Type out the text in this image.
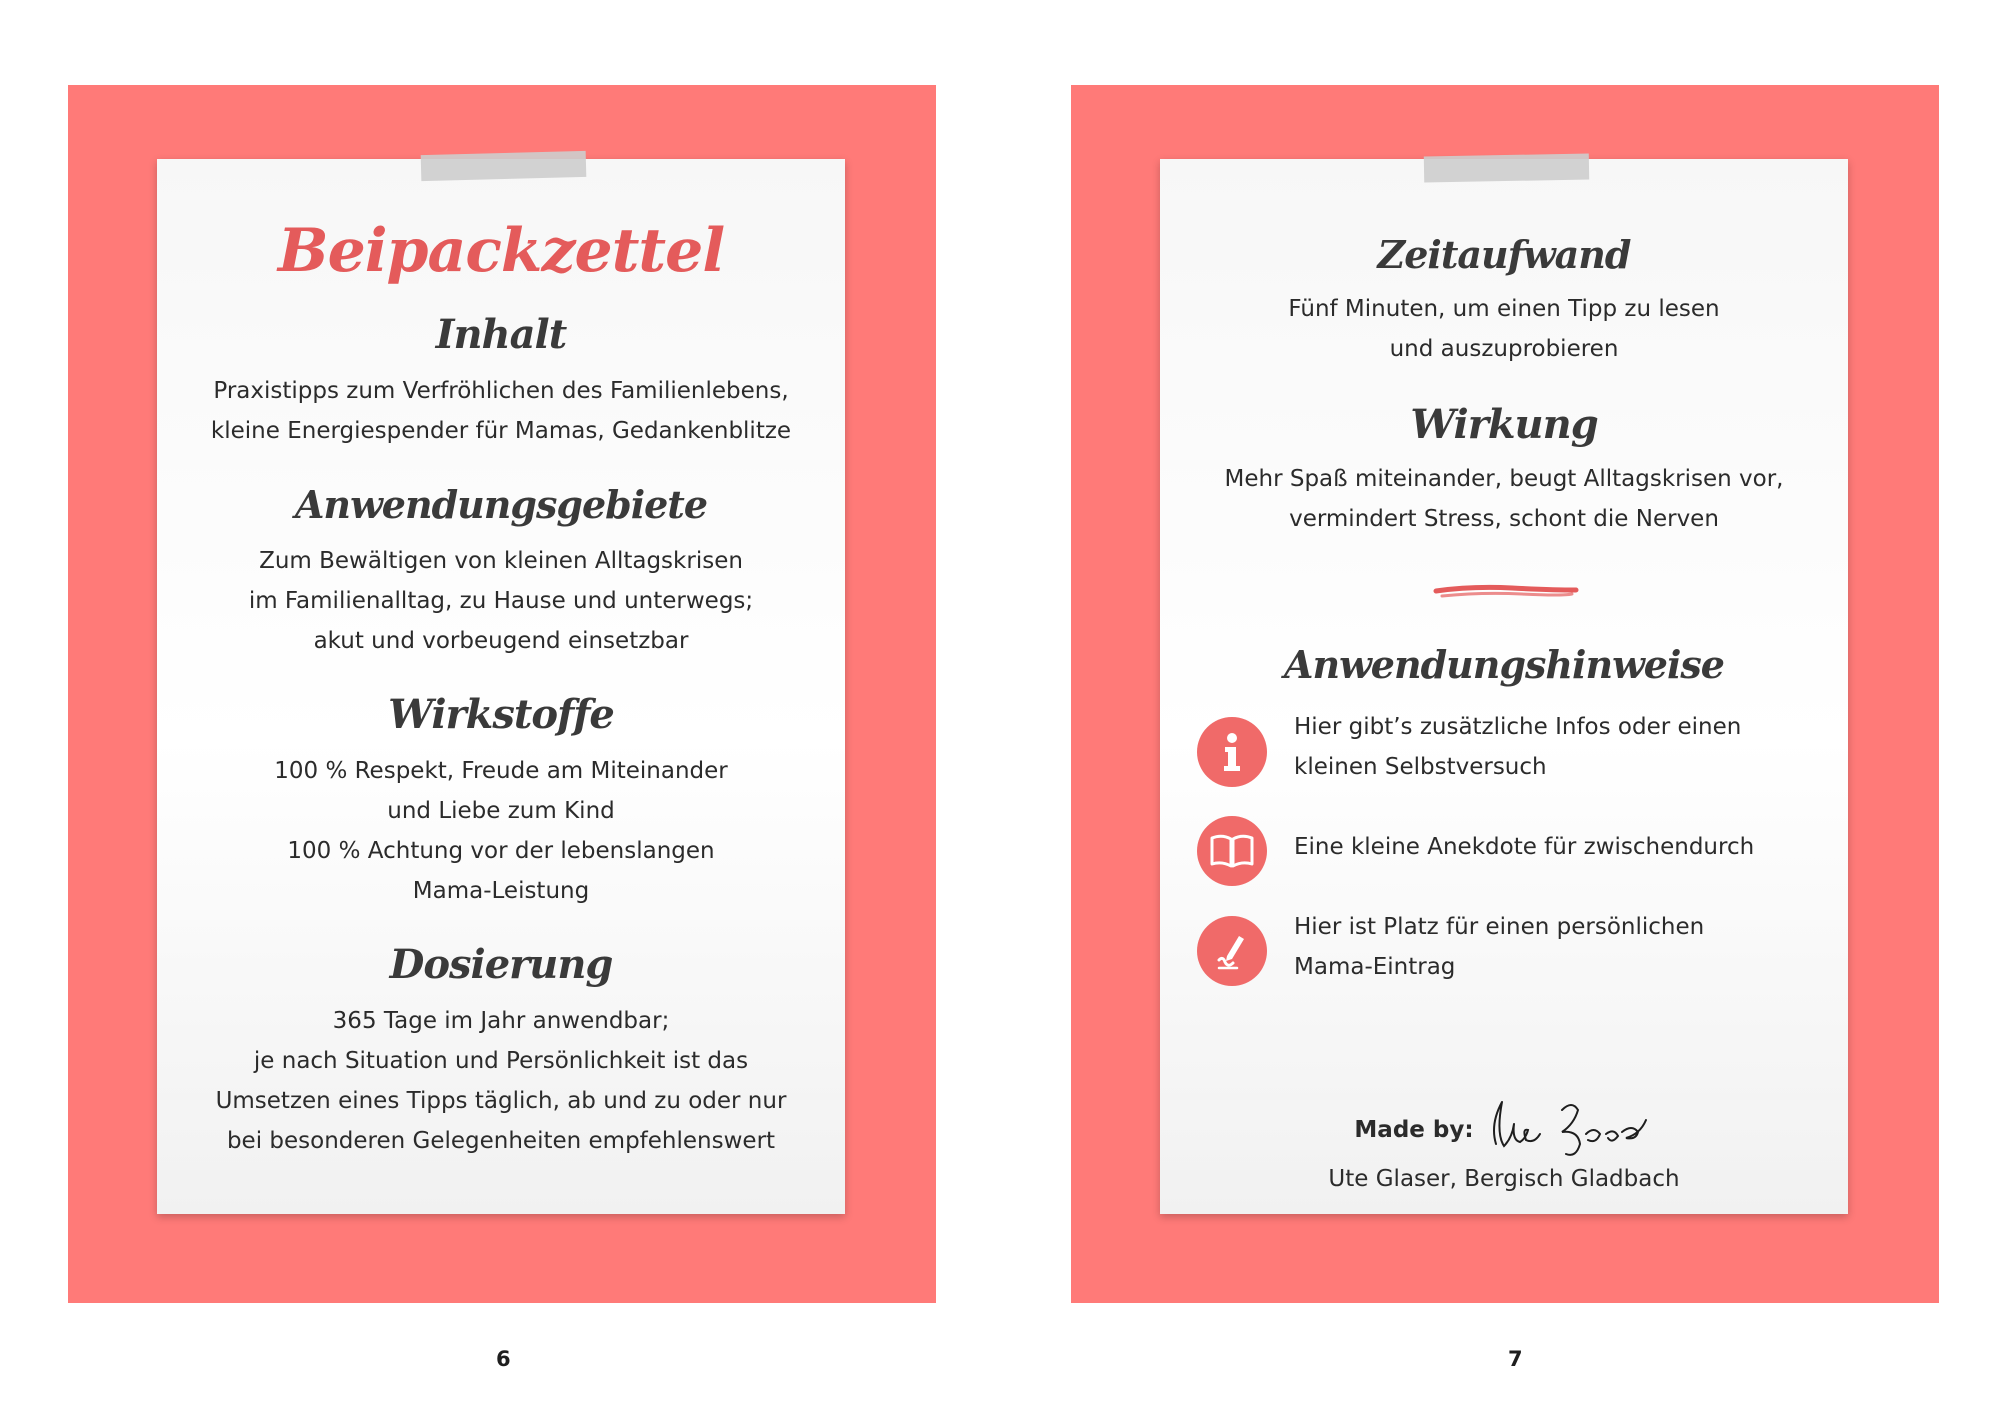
Beipackzettel
Inhalt

Praxistipps zum Verfröhlichen des Familienlebens,

kleine Energiespender für Mamas, Gedankenblitze

Anwendungsgebiete

Zum Bewältigen von kleinen Alltagskrisen

im Familienalltag, zu Hause und unterwegs;

akut und vorbeugend einsetzbar

Wirkstoffe

100 % Respekt, Freude am Miteinander

und Liebe zum Kind

100 % Achtung vor der lebenslangen

Mama-Leistung

Dosierung

365 Tage im Jahr anwendbar;

je nach Situation und Persönlichkeit ist das

Umsetzen eines Tipps täglich, ab und zu oder nur

bei besonderen Gelegenheiten empfehlenswert

6
Zeitaufwand

Fünf Minuten, um einen Tipp zu lesen

und auszuprobieren

Wirkung

Mehr Spaß miteinander, beugt Alltagskrisen vor,

vermindert Stress, schont die Nerven

Anwendungshinweise

Hier gibt’s zusätzliche Infos oder einen

kleinen Selbstversuch

Eine kleine Anekdote für zwischendurch

Hier ist Platz für einen persönlichen

Mama-Eintrag

Made by:

Ute Glaser, Bergisch Gladbach

7
